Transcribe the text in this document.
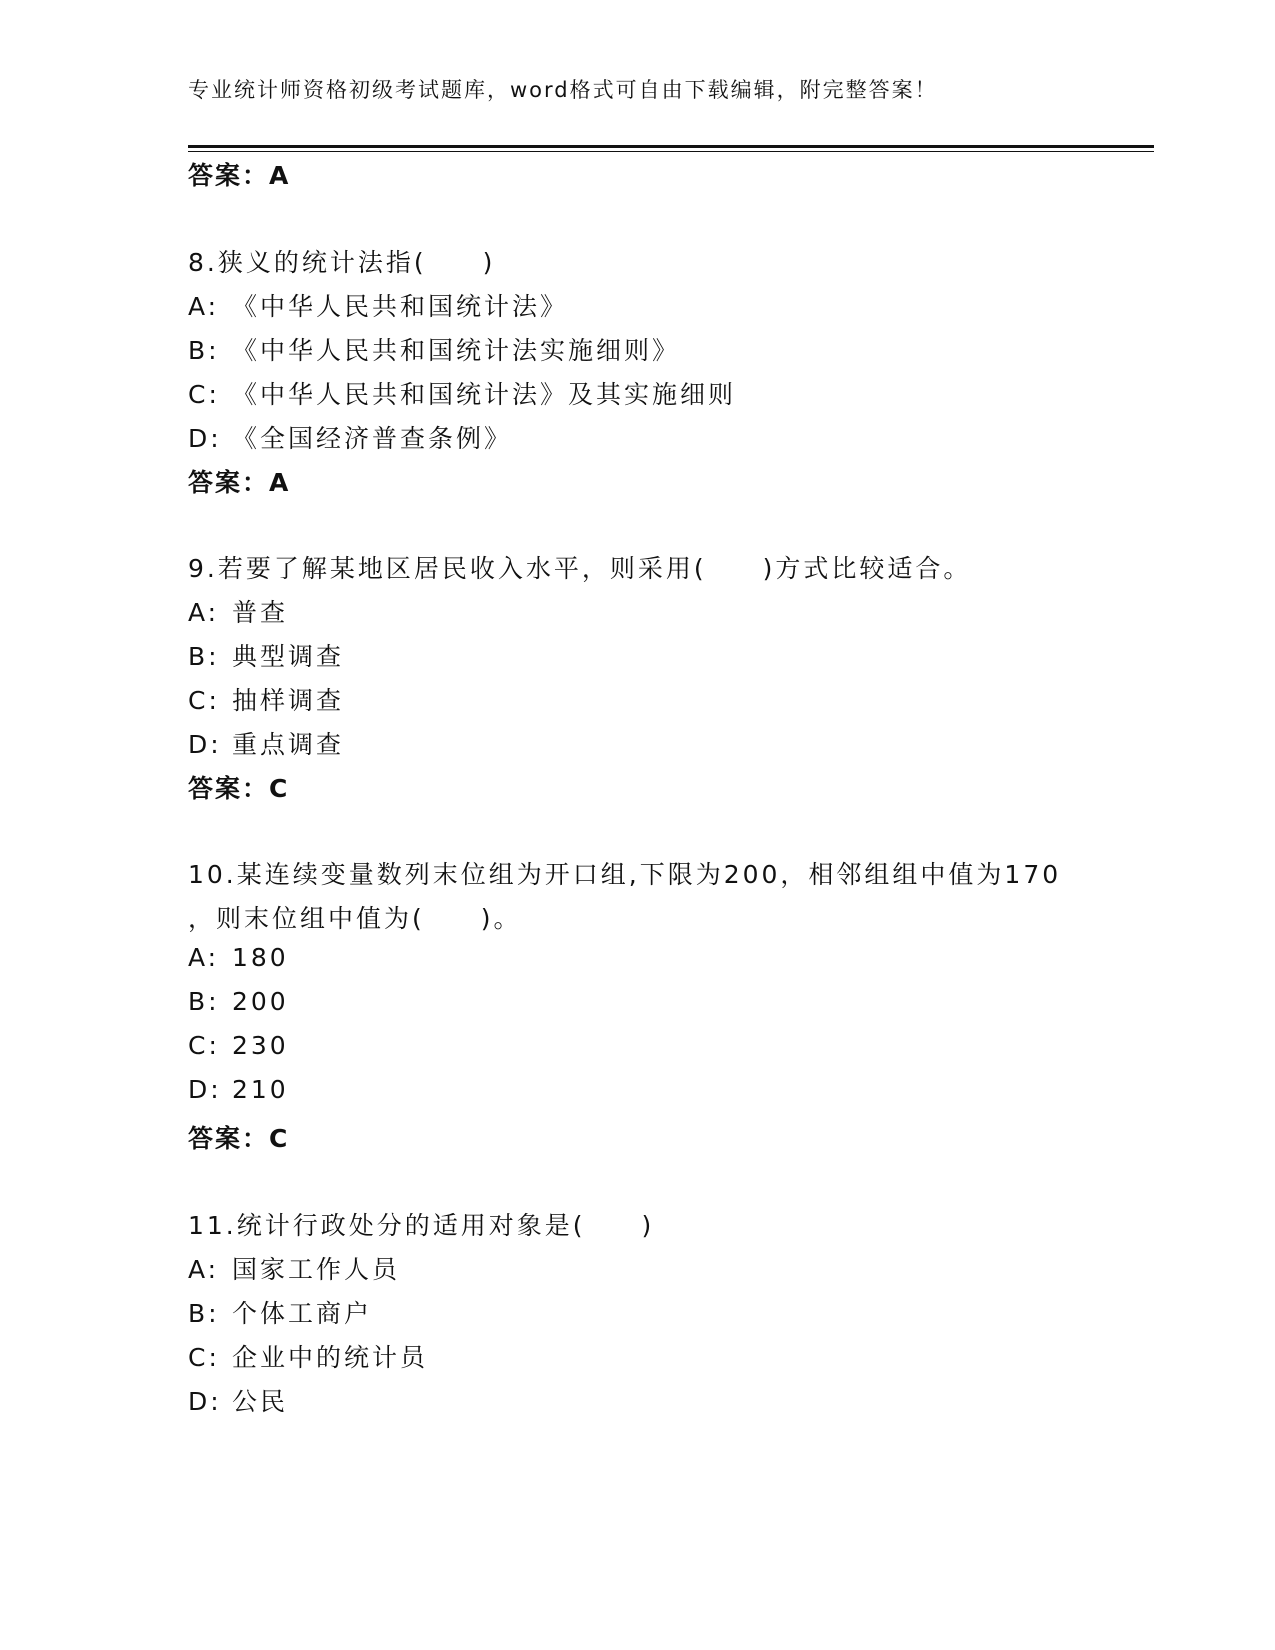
专业统计师资格初级考试题库，word格式可自由下载编辑，附完整答案！
答案：A
8.狭义的统计法指(　　)
A: 《中华人民共和国统计法》
B: 《中华人民共和国统计法实施细则》
C: 《中华人民共和国统计法》及其实施细则
D: 《全国经济普查条例》
答案：A
9.若要了解某地区居民收入水平，则采用(　　)方式比较适合。
A: 普查
B: 典型调查
C: 抽样调查
D: 重点调查
答案：C
10.某连续变量数列末位组为开口组,下限为200，相邻组组中值为170
，则末位组中值为(　　)。
A: 180
B: 200
C: 230
D: 210
答案：C
11.统计行政处分的适用对象是(　　)
A: 国家工作人员
B: 个体工商户
C: 企业中的统计员
D: 公民
